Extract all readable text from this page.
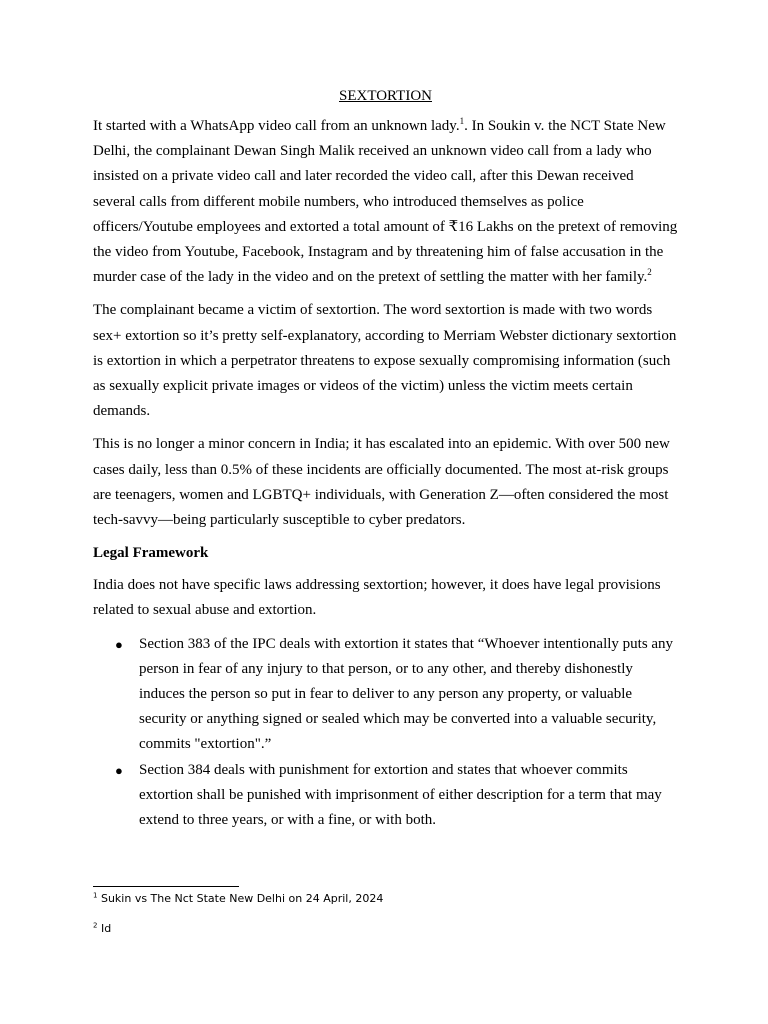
SEXTORTION

It started with a WhatsApp video call from an unknown lady.$^1$. In Soukin v. the NCT State New Delhi, the complainant Dewan Singh Malik received an unknown video call from a lady who insisted on a private video call and later recorded the video call, after this Dewan received several calls from different mobile numbers, who introduced themselves as police officers/Youtube employees and extorted a total amount of ₹16 Lakhs on the pretext of removing the video from Youtube, Facebook, Instagram and by threatening him of false accusation in the murder case of the lady in the video and on the pretext of settling the matter with her family.$^2$

The complainant became a victim of sextortion. The word sextortion is made with two words sex+ extortion so it’s pretty self-explanatory, according to Merriam Webster dictionary sextortion is extortion in which a perpetrator threatens to expose sexually compromising information (such as sexually explicit private images or videos of the victim) unless the victim meets certain demands.

This is no longer a minor concern in India; it has escalated into an epidemic. With over 500 new cases daily, less than 0.5% of these incidents are officially documented. The most at-risk groups are teenagers, women and LGBTQ+ individuals, with Generation Z—often considered the most tech-savvy—being particularly susceptible to cyber predators.

Legal Framework

India does not have specific laws addressing sextortion; however, it does have legal provisions related to sexual abuse and extortion.

● Section 383 of the IPC deals with extortion it states that “Whoever intentionally puts any person in fear of any injury to that person, or to any other, and thereby dishonestly induces the person so put in fear to deliver to any person any property, or valuable security or anything signed or sealed which may be converted into a valuable security, commits "extortion".”
● Section 384 deals with punishment for extortion and states that whoever commits extortion shall be punished with imprisonment of either description for a term that may extend to three years, or with a fine, or with both.
$^1$ Sukin vs The Nct State New Delhi on 24 April, 2024
$^2$ Id
